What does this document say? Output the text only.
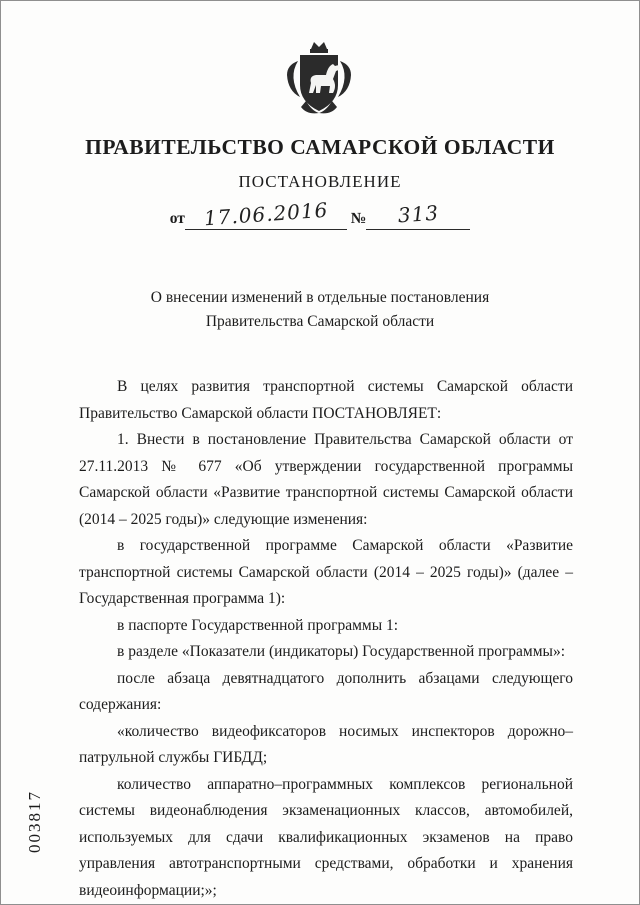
003817
ПРАВИТЕЛЬСТВО САМАРСКОЙ ОБЛАСТИ
ПОСТАНОВЛЕНИЕ
от 17.06.2016 № 313
О внесении изменений в отдельные постановления
Правительства Самарской области

В целях развития транспортной системы Самарской области Правительство Самарской области ПОСТАНОВЛЯЕТ:

1. Внести в постановление Правительства Самарской области от 27.11.2013 № 677 «Об утверждении государственной программы Самарской области «Развитие транспортной системы Самарской области (2014 – 2025 годы)» следующие изменения:

в государственной программе Самарской области «Развитие транспортной системы Самарской области (2014 – 2025 годы)» (далее – Государственная программа 1):

в паспорте Государственной программы 1:

в разделе «Показатели (индикаторы) Государственной программы»:

после абзаца девятнадцатого дополнить абзацами следующего содержания:

«количество видеофиксаторов носимых инспекторов дорожно–патрульной службы ГИБДД;

количество аппаратно–программных комплексов региональной системы видеонаблюдения экзаменационных классов, автомобилей, используемых для сдачи квалификационных экзаменов на право управления автотранспортными средствами, обработки и хранения видеоинформации;»;
